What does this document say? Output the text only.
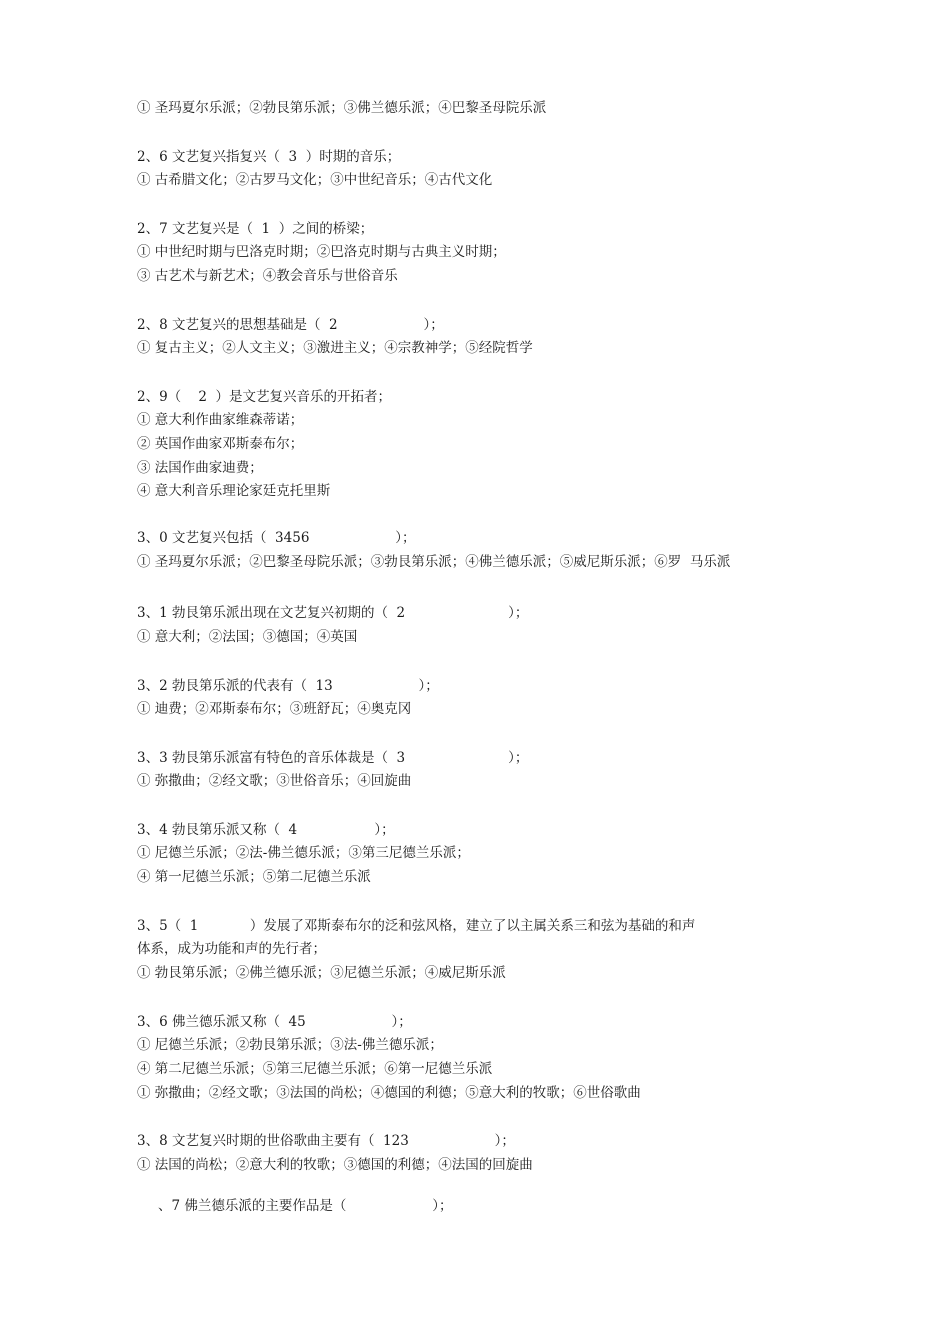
① 圣玛夏尔乐派；②勃艮第乐派；③佛兰德乐派；④巴黎圣母院乐派
2、6 文艺复兴指复兴（  3  ）时期的音乐；
① 古希腊文化；②古罗马文化；③中世纪音乐；④古代文化
2、7 文艺复兴是（  1  ）之间的桥梁；
① 中世纪时期与巴洛克时期；②巴洛克时期与古典主义时期；
③ 古艺术与新艺术；④教会音乐与世俗音乐
2、8 文艺复兴的思想基础是（  2                    ）；
① 复古主义；②人文主义；③激进主义；④宗教神学；⑤经院哲学
2、9（    2  ）是文艺复兴音乐的开拓者；
① 意大利作曲家维森蒂诺；
② 英国作曲家邓斯泰布尔；
③ 法国作曲家迪费；
④ 意大利音乐理论家廷克托里斯
3、0 文艺复兴包括（  3456                    ）；
① 圣玛夏尔乐派；②巴黎圣母院乐派；③勃艮第乐派；④佛兰德乐派；⑤威尼斯乐派；⑥罗  马乐派
3、1 勃艮第乐派出现在文艺复兴初期的（  2                        ）；
① 意大利；②法国；③德国；④英国
3、2 勃艮第乐派的代表有（  13                    ）；
① 迪费；②邓斯泰布尔；③班舒瓦；④奥克冈
3、3 勃艮第乐派富有特色的音乐体裁是（  3                        ）；
① 弥撒曲；②经文歌；③世俗音乐；④回旋曲
3、4 勃艮第乐派又称（  4                  ）；
① 尼德兰乐派；②法-佛兰德乐派；③第三尼德兰乐派；
④ 第一尼德兰乐派；⑤第二尼德兰乐派
3、5（  1            ）发展了邓斯泰布尔的泛和弦风格，建立了以主属关系三和弦为基础的和声
体系，成为功能和声的先行者；
① 勃艮第乐派；②佛兰德乐派；③尼德兰乐派；④威尼斯乐派
3、6 佛兰德乐派又称（  45                    ）；
① 尼德兰乐派；②勃艮第乐派；③法-佛兰德乐派；
④ 第二尼德兰乐派；⑤第三尼德兰乐派；⑥第一尼德兰乐派
① 弥撒曲；②经文歌；③法国的尚松；④德国的利德；⑤意大利的牧歌；⑥世俗歌曲
3、8 文艺复兴时期的世俗歌曲主要有（  123                    ）；
① 法国的尚松；②意大利的牧歌；③德国的利德；④法国的回旋曲
、7 佛兰德乐派的主要作品是（                    ）；
